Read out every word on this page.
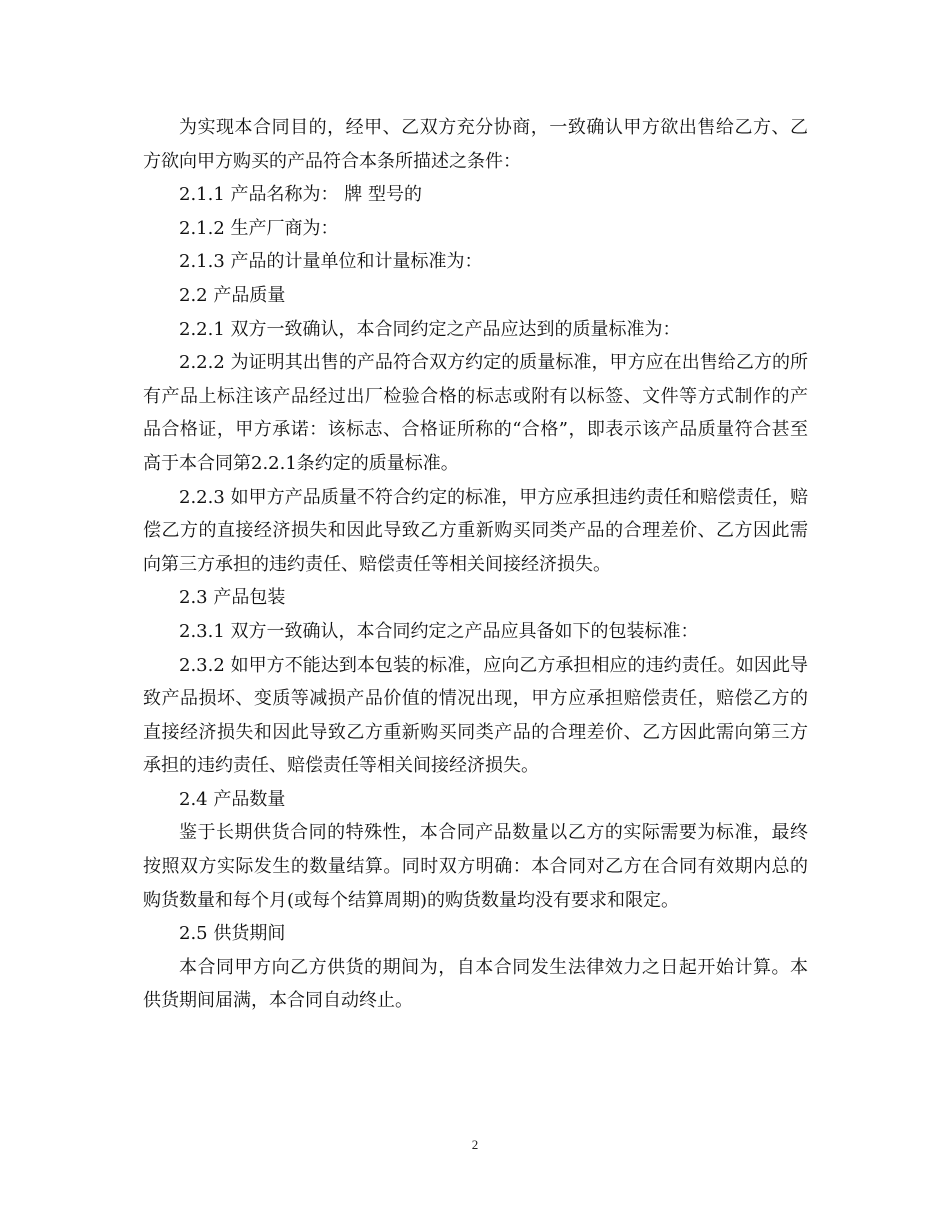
为实现本合同目的，经甲、乙双方充分协商，一致确认甲方欲出售给乙方、乙方欲向甲方购买的产品符合本条所描述之条件：

2.1.1 产品名称为： 牌 型号的

2.1.2 生产厂商为：

2.1.3 产品的计量单位和计量标准为：

2.2 产品质量

2.2.1 双方一致确认，本合同约定之产品应达到的质量标准为：

2.2.2 为证明其出售的产品符合双方约定的质量标准，甲方应在出售给乙方的所有产品上标注该产品经过出厂检验合格的标志或附有以标签、文件等方式制作的产品合格证，甲方承诺：该标志、合格证所称的“合格”，即表示该产品质量符合甚至高于本合同第2.2.1条约定的质量标准。

2.2.3 如甲方产品质量不符合约定的标准，甲方应承担违约责任和赔偿责任，赔偿乙方的直接经济损失和因此导致乙方重新购买同类产品的合理差价、乙方因此需向第三方承担的违约责任、赔偿责任等相关间接经济损失。

2.3 产品包装

2.3.1 双方一致确认，本合同约定之产品应具备如下的包装标准：

2.3.2 如甲方不能达到本包装的标准，应向乙方承担相应的违约责任。如因此导致产品损坏、变质等减损产品价值的情况出现，甲方应承担赔偿责任，赔偿乙方的直接经济损失和因此导致乙方重新购买同类产品的合理差价、乙方因此需向第三方承担的违约责任、赔偿责任等相关间接经济损失。

2.4 产品数量

鉴于长期供货合同的特殊性，本合同产品数量以乙方的实际需要为标准，最终按照双方实际发生的数量结算。同时双方明确：本合同对乙方在合同有效期内总的购货数量和每个月(或每个结算周期)的购货数量均没有要求和限定。

2.5 供货期间

本合同甲方向乙方供货的期间为，自本合同发生法律效力之日起开始计算。本供货期间届满，本合同自动终止。

2
